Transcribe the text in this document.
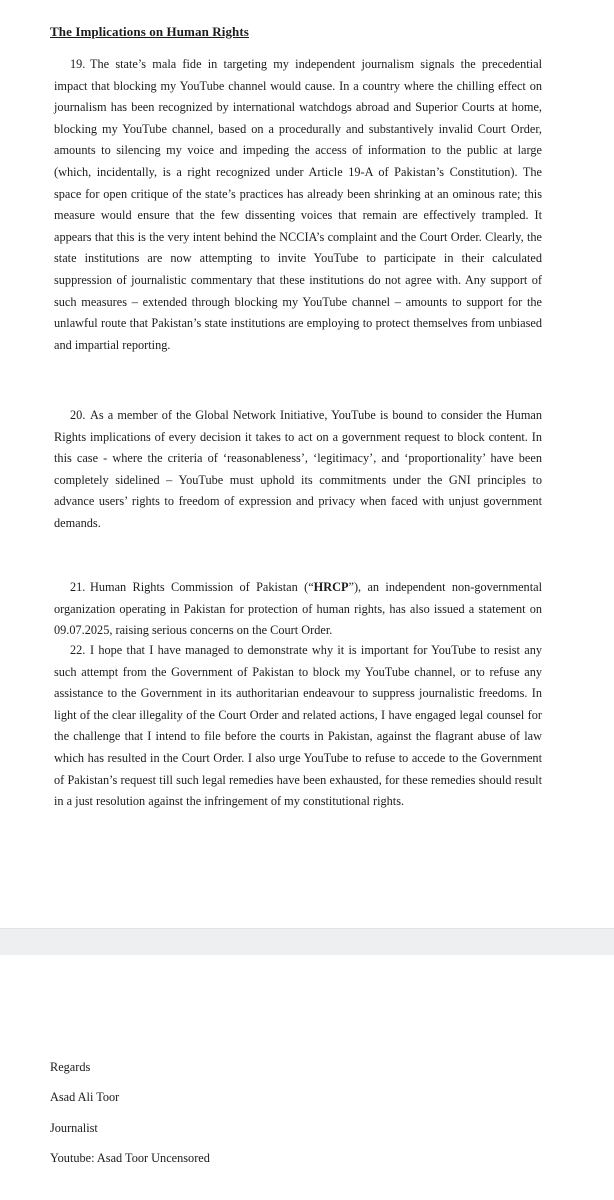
The Implications on Human Rights

19. The state’s mala fide in targeting my independent journalism signals the precedential impact that blocking my YouTube channel would cause. In a country where the chilling effect on journalism has been recognized by international watchdogs abroad and Superior Courts at home, blocking my YouTube channel, based on a procedurally and substantively invalid Court Order, amounts to silencing my voice and impeding the access of information to the public at large (which, incidentally, is a right recognized under Article 19-A of Pakistan’s Constitution). The space for open critique of the state’s practices has already been shrinking at an ominous rate; this measure would ensure that the few dissenting voices that remain are effectively trampled. It appears that this is the very intent behind the NCCIA’s complaint and the Court Order. Clearly, the state institutions are now attempting to invite YouTube to participate in their calculated suppression of journalistic commentary that these institutions do not agree with. Any support of such measures – extended through blocking my YouTube channel – amounts to support for the unlawful route that Pakistan’s state institutions are employing to protect themselves from unbiased and impartial reporting.

20. As a member of the Global Network Initiative, YouTube is bound to consider the Human Rights implications of every decision it takes to act on a government request to block content. In this case - where the criteria of ‘reasonableness’, ‘legitimacy’, and ‘proportionality’ have been completely sidelined – YouTube must uphold its commitments under the GNI principles to advance users’ rights to freedom of expression and privacy when faced with unjust government demands.

21. Human Rights Commission of Pakistan (“HRCP”), an independent non-governmental organization operating in Pakistan for protection of human rights, has also issued a statement on 09.07.2025, raising serious concerns on the Court Order.

22. I hope that I have managed to demonstrate why it is important for YouTube to resist any such attempt from the Government of Pakistan to block my YouTube channel, or to refuse any assistance to the Government in its authoritarian endeavour to suppress journalistic freedoms. In light of the clear illegality of the Court Order and related actions, I have engaged legal counsel for the challenge that I intend to file before the courts in Pakistan, against the flagrant abuse of law which has resulted in the Court Order. I also urge YouTube to refuse to accede to the Government of Pakistan’s request till such legal remedies have been exhausted, for these remedies should result in a just resolution against the infringement of my constitutional rights.

Regards

Asad Ali Toor

Journalist

Youtube: Asad Toor Uncensored
